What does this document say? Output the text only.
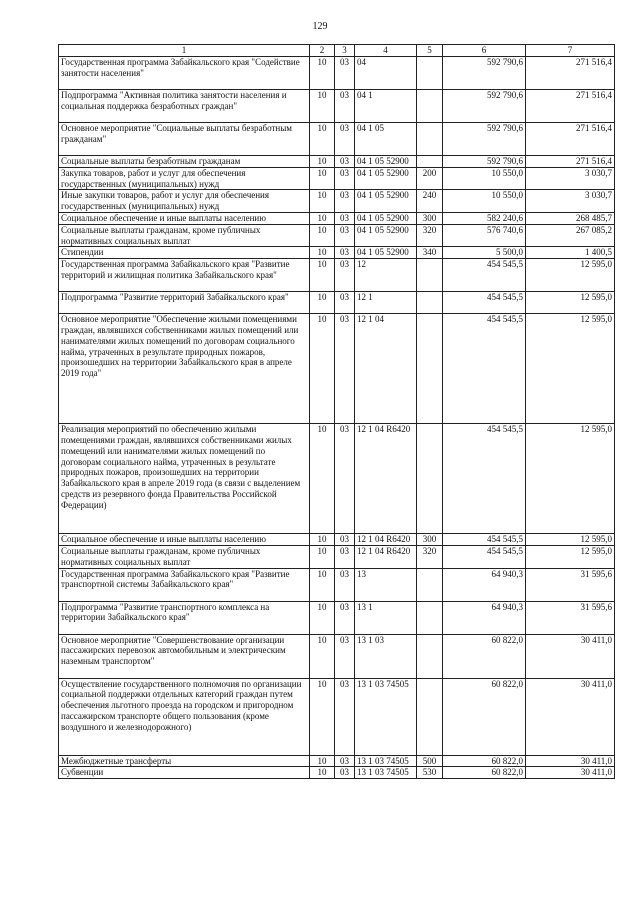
129
1	2	3	4	5	6	7
Государственная программа Забайкальского края "Содействие занятости населения"	10	03	04		592 790,6	271 516,4
Подпрограмма "Активная политика занятости населения и социальная поддержка безработных граждан"	10	03	04 1		592 790,6	271 516,4
Основное мероприятие "Социальные выплаты безработным гражданам"	10	03	04 1 05		592 790,6	271 516,4
Социальные выплаты безработным гражданам	10	03	04 1 05 52900		592 790,6	271 516,4
Закупка товаров, работ и услуг для обеспечения государственных (муниципальных) нужд	10	03	04 1 05 52900	200	10 550,0	3 030,7
Иные закупки товаров, работ и услуг для обеспечения государственных (муниципальных) нужд	10	03	04 1 05 52900	240	10 550,0	3 030,7
Социальное обеспечение и иные выплаты населению	10	03	04 1 05 52900	300	582 240,6	268 485,7
Социальные выплаты гражданам, кроме публичных нормативных социальных выплат	10	03	04 1 05 52900	320	576 740,6	267 085,2
Стипендии	10	03	04 1 05 52900	340	5 500,0	1 400,5
Государственная программа Забайкальского края "Развитие территорий и жилищная политика Забайкальского края"	10	03	12		454 545,5	12 595,0
Подпрограмма "Развитие территорий Забайкальского края"	10	03	12 1		454 545,5	12 595,0
Основное мероприятие "Обеспечение жилыми помещениями граждан, являвшихся собственниками жилых помещений или нанимателями жилых помещений по договорам социального найма, утраченных в результате природных пожаров, произошедших на территории Забайкальского края в апреле 2019 года"	10	03	12 1 04		454 545,5	12 595,0
Реализация мероприятий по обеспечению жилыми помещениями граждан, являвшихся собственниками жилых помещений или нанимателями жилых помещений по договорам социального найма, утраченных в результате природных пожаров, произошедших на территории Забайкальского края в апреле 2019 года (в связи с выделением средств из резервного фонда Правительства Российской Федерации)	10	03	12 1 04 R6420		454 545,5	12 595,0
Социальное обеспечение и иные выплаты населению	10	03	12 1 04 R6420	300	454 545,5	12 595,0
Социальные выплаты гражданам, кроме публичных нормативных социальных выплат	10	03	12 1 04 R6420	320	454 545,5	12 595,0
Государственная программа Забайкальского края "Развитие транспортной системы Забайкальского края"	10	03	13		64 940,3	31 595,6
Подпрограмма "Развитие транспортного комплекса на территории Забайкальского края"	10	03	13 1		64 940,3	31 595,6
Основное мероприятие "Совершенствование организации пассажирских перевозок автомобильным и электрическим наземным транспортом"	10	03	13 1 03		60 822,0	30 411,0
Осуществление государственного полномочия по организации социальной поддержки отдельных категорий граждан путем обеспечения льготного проезда на городском и пригородном пассажирском транспорте общего пользования (кроме воздушного и железнодорожного)	10	03	13 1 03 74505		60 822,0	30 411,0
Межбюджетные трансферты	10	03	13 1 03 74505	500	60 822,0	30 411,0
Субвенции	10	03	13 1 03 74505	530	60 822,0	30 411,0
